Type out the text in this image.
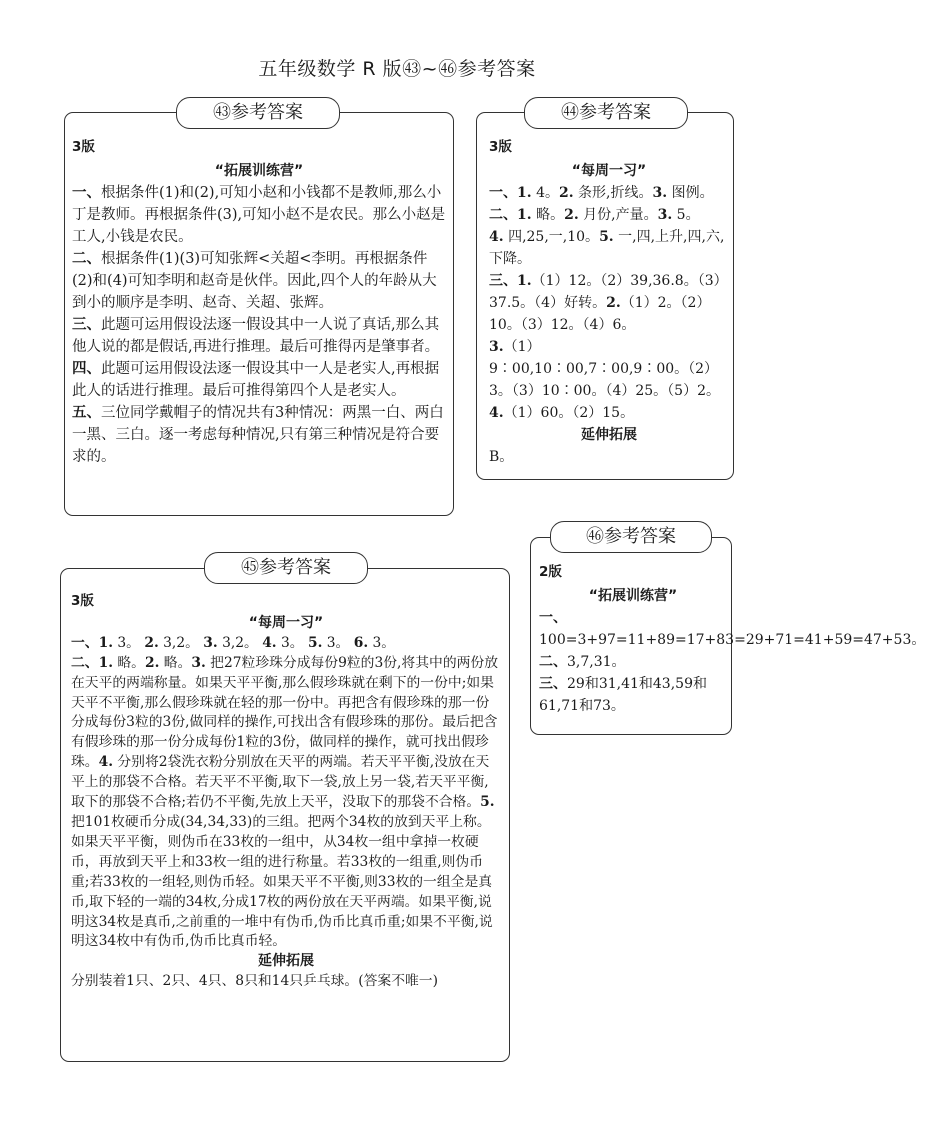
五年级数学 R 版㊸~㊻参考答案
㊸参考答案
3版
“拓展训练营”

一、根据条件(1)和(2),可知小赵和小钱都不是教师,那么小丁是教师。再根据条件(3),可知小赵不是农民。那么小赵是工人,小钱是农民。

二、根据条件(1)(3)可知张辉<关超<李明。再根据条件(2)和(4)可知李明和赵奇是伙伴。因此,四个人的年龄从大到小的顺序是李明、赵奇、关超、张辉。

三、此题可运用假设法逐一假设其中一人说了真话,那么其他人说的都是假话,再进行推理。最后可推得丙是肇事者。

四、此题可运用假设法逐一假设其中一人是老实人,再根据此人的话进行推理。最后可推得第四个人是老实人。

五、三位同学戴帽子的情况共有3种情况：两黑一白、两白一黑、三白。逐一考虑每种情况,只有第三种情况是符合要求的。

㊹参考答案
3版
“每周一习”

一、1. 4。2. 条形,折线。3. 图例。

二、1. 略。2. 月份,产量。3. 5。

4. 四,25,一,10。5. 一,四,上升,四,六,下降。

三、1.（1）12。（2）39,36.8。（3）37.5。（4）好转。2.（1）2。（2）10。（3）12。（4）6。

3.（1）9∶00,10∶00,7∶00,9∶00。（2）3。（3）10∶00。（4）25。（5）2。

4.（1）60。（2）15。

延伸拓展

B。

㊺参考答案
3版
“每周一习”

一、1. 3。 2. 3,2。 3. 3,2。 4. 3。 5. 3。 6. 3。

二、1. 略。2. 略。3. 把27粒珍珠分成每份9粒的3份,将其中的两份放在天平的两端称量。如果天平平衡,那么假珍珠就在剩下的一份中;如果天平不平衡,那么假珍珠就在轻的那一份中。再把含有假珍珠的那一份分成每份3粒的3份,做同样的操作,可找出含有假珍珠的那份。最后把含有假珍珠的那一份分成每份1粒的3份，做同样的操作，就可找出假珍珠。4. 分别将2袋洗衣粉分别放在天平的两端。若天平平衡,没放在天平上的那袋不合格。若天平不平衡,取下一袋,放上另一袋,若天平平衡,取下的那袋不合格;若仍不平衡,先放上天平，没取下的那袋不合格。5. 把101枚硬币分成(34,34,33)的三组。把两个34枚的放到天平上称。如果天平平衡，则伪币在33枚的一组中，从34枚一组中拿掉一枚硬币，再放到天平上和33枚一组的进行称量。若33枚的一组重,则伪币重;若33枚的一组轻,则伪币轻。如果天平不平衡,则33枚的一组全是真币,取下轻的一端的34枚,分成17枚的两份放在天平两端。如果平衡,说明这34枚是真币,之前重的一堆中有伪币,伪币比真币重;如果不平衡,说明这34枚中有伪币,伪币比真币轻。

延伸拓展

分别装着1只、2只、4只、8只和14只乒乓球。(答案不唯一)

㊻参考答案
2版
“拓展训练营”

一、100=3+97=11+89=17+83=29+71=41+59=47+53。

二、3,7,31。

三、29和31,41和43,59和61,71和73。
